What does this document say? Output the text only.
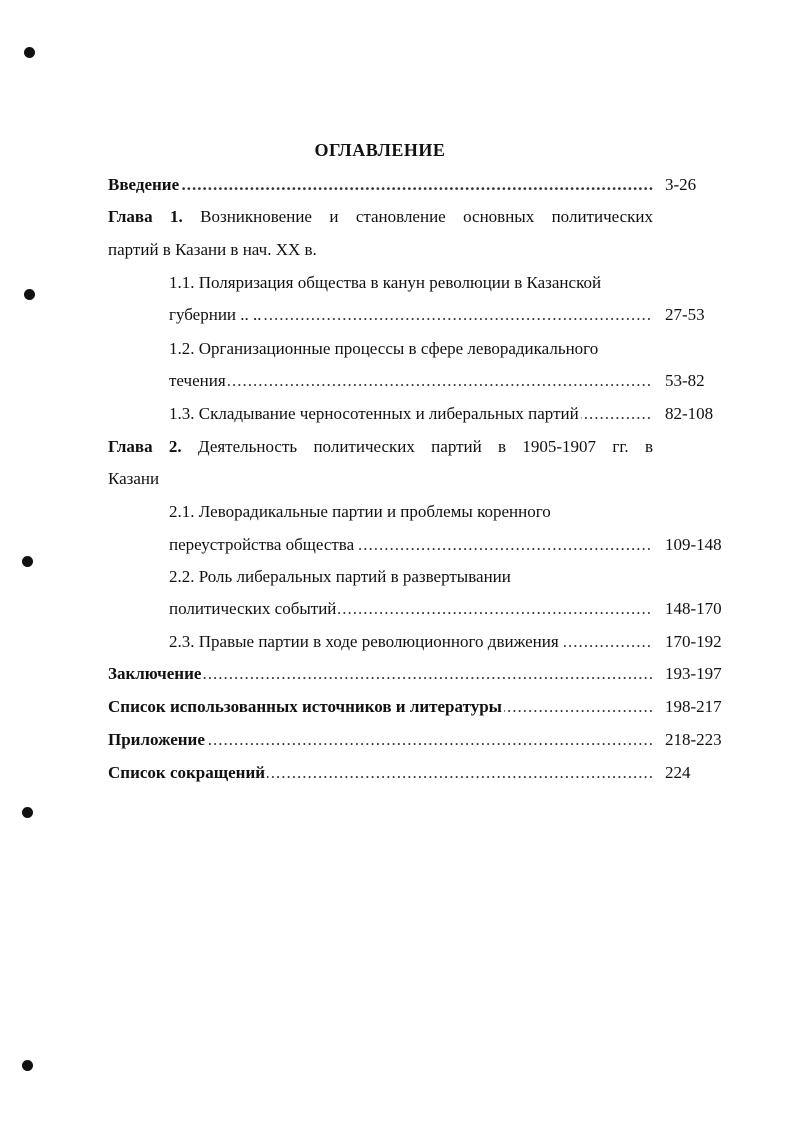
ОГЛАВЛЕНИЕ
.....
Введение	3-26
Глава 1. Возникновение и становление основных политических
партий в Казани в нач. XX в.
1.1. Поляризация общества в канун революции в Казанской
.....
губернии .. ..	27-53
1.2. Организационные процессы в сфере леворадикального
.....
течения	53-82
.....
1.3. Складывание черносотенных и либеральных партий	82-108
Глава 2. Деятельность политических партий в 1905-1907 гг. в
Казани
2.1. Леворадикальные партии и проблемы коренного
.....
переустройства общества	109-148
2.2. Роль либеральных партий в развертывании
.....
политических событий	148-170
.....
2.3. Правые партии в ходе революционного движения	170-192
.....
Заключение	193-197
.....
Список использованных источников и литературы	198-217
.....
Приложение	218-223
.....
Список сокращений	224
